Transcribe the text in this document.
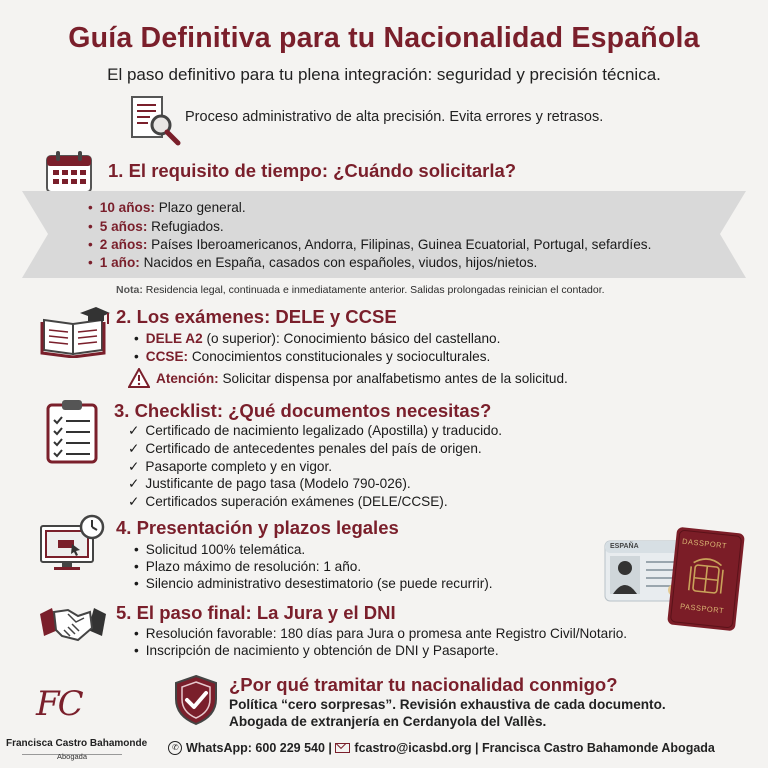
Guía Definitiva para tu Nacionalidad Española
El paso definitivo para tu plena integración: seguridad y precisión técnica.
Proceso administrativo de alta precisión. Evita errores y retrasos.
1. El requisito de tiempo: ¿Cuándo solicitarla?
• 10 años: Plazo general.
• 5 años: Refugiados.
• 2 años: Países Iberoamericanos, Andorra, Filipinas, Guinea Ecuatorial, Portugal, sefardíes.
• 1 año: Nacidos en España, casados con españoles, viudos, hijos/nietos.
Nota: Residencia legal, continuada e inmediatamente anterior. Salidas prolongadas reinician el contador.
2. Los exámenes: DELE y CCSE
• DELE A2 (o superior): Conocimiento básico del castellano.
• CCSE: Conocimientos constitucionales y socioculturales.
Atención: Solicitar dispensa por analfabetismo antes de la solicitud.
3. Checklist: ¿Qué documentos necesitas?
✓ Certificado de nacimiento legalizado (Apostilla) y traducido.
✓ Certificado de antecedentes penales del país de origen.
✓ Pasaporte completo y en vigor.
✓ Justificante de pago tasa (Modelo 790-026).
✓ Certificados superación exámenes (DELE/CCSE).
4. Presentación y plazos legales
• Solicitud 100% telemática.
• Plazo máximo de resolución: 1 año.
• Silencio administrativo desestimatorio (se puede recurrir).
ESPAÑA	DASSPORT
PASSPORT
5. El paso final: La Jura y el DNI
• Resolución favorable: 180 días para Jura o promesa ante Registro Civil/Notario.
• Inscripción de nacimiento y obtención de DNI y Pasaporte.
¿Por qué tramitar tu nacionalidad conmigo?
Política “cero sorpresas”. Revisión exhaustiva de cada documento.
Abogada de extranjería en Cerdanyola del Vallès.
FC
Francisca Castro Bahamonde
Abogada
✆ WhatsApp: 600 229 540 |
fcastro@icasbd.org | Francisca Castro Bahamonde Abogada
